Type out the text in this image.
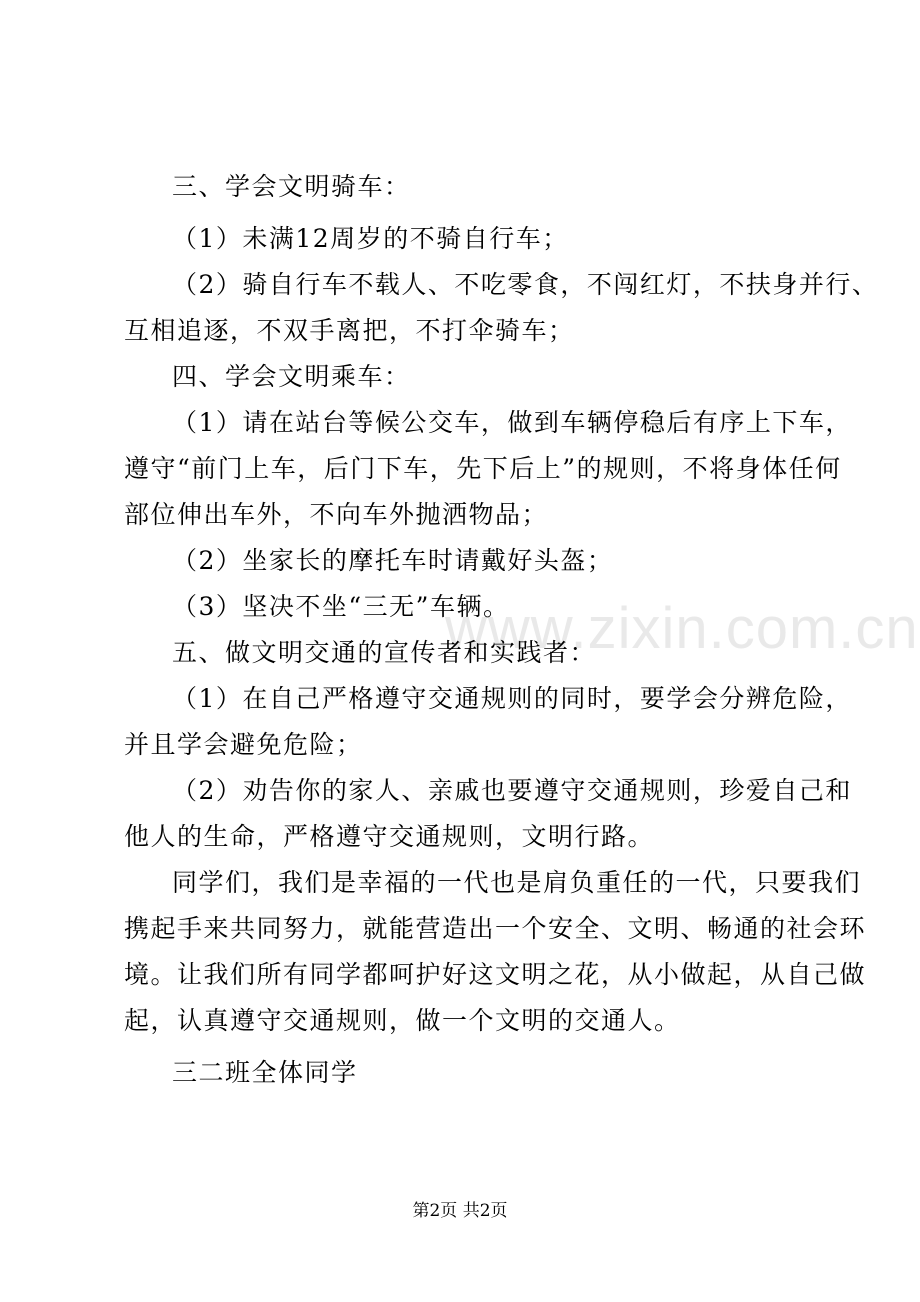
www.zixin.com.cn
三、学会文明骑车：
（1）未满12周岁的不骑自行车；
（2）骑自行车不载人、不吃零食，不闯红灯，不扶身并行、
互相追逐，不双手离把，不打伞骑车；
四、学会文明乘车：
（1）请在站台等候公交车，做到车辆停稳后有序上下车，
遵守“前门上车，后门下车，先下后上”的规则，不将身体任何
部位伸出车外，不向车外抛洒物品；
（2）坐家长的摩托车时请戴好头盔；
（3）坚决不坐“三无”车辆。
五、做文明交通的宣传者和实践者：
（1）在自己严格遵守交通规则的同时，要学会分辨危险，
并且学会避免危险；
（2）劝告你的家人、亲戚也要遵守交通规则，珍爱自己和
他人的生命，严格遵守交通规则，文明行路。
同学们，我们是幸福的一代也是肩负重任的一代，只要我们
携起手来共同努力，就能营造出一个安全、文明、畅通的社会环
境。让我们所有同学都呵护好这文明之花，从小做起，从自己做
起，认真遵守交通规则，做一个文明的交通人。
三二班全体同学
第2页 共2页
